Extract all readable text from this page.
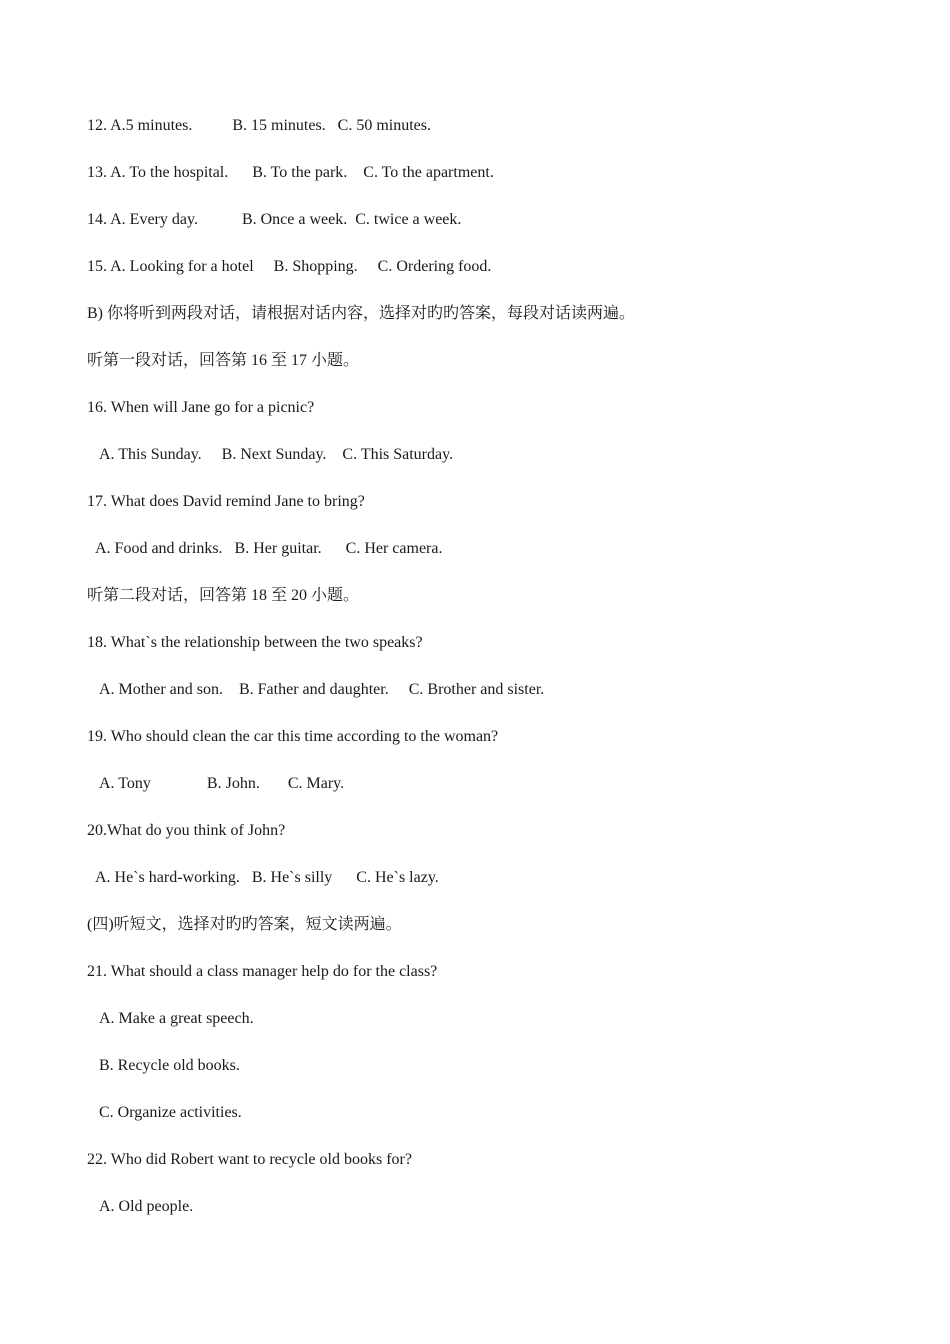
12. A.5 minutes.          B. 15 minutes.   C. 50 minutes.
13. A. To the hospital.      B. To the park.    C. To the apartment.
14. A. Every day.           B. Once a week.  C. twice a week.
15. A. Looking for a hotel     B. Shopping.     C. Ordering food.
B) 你将听到两段对话，请根据对话内容，选择对旳旳答案，每段对话读两遍。
听第一段对话，回答第 16 至 17 小题。
16. When will Jane go for a picnic?
A. This Sunday.     B. Next Sunday.    C. This Saturday.
17. What does David remind Jane to bring?
A. Food and drinks.   B. Her guitar.      C. Her camera.
听第二段对话，回答第 18 至 20 小题。
18. What`s the relationship between the two speaks?
A. Mother and son.    B. Father and daughter.     C. Brother and sister.
19. Who should clean the car this time according to the woman?
A. Tony              B. John.       C. Mary.
20.What do you think of John?
A. He`s hard-working.   B. He`s silly      C. He`s lazy.
(四)听短文，选择对旳旳答案，短文读两遍。
21. What should a class manager help do for the class?
A. Make a great speech.
B. Recycle old books.
C. Organize activities.
22. Who did Robert want to recycle old books for?
A. Old people.
